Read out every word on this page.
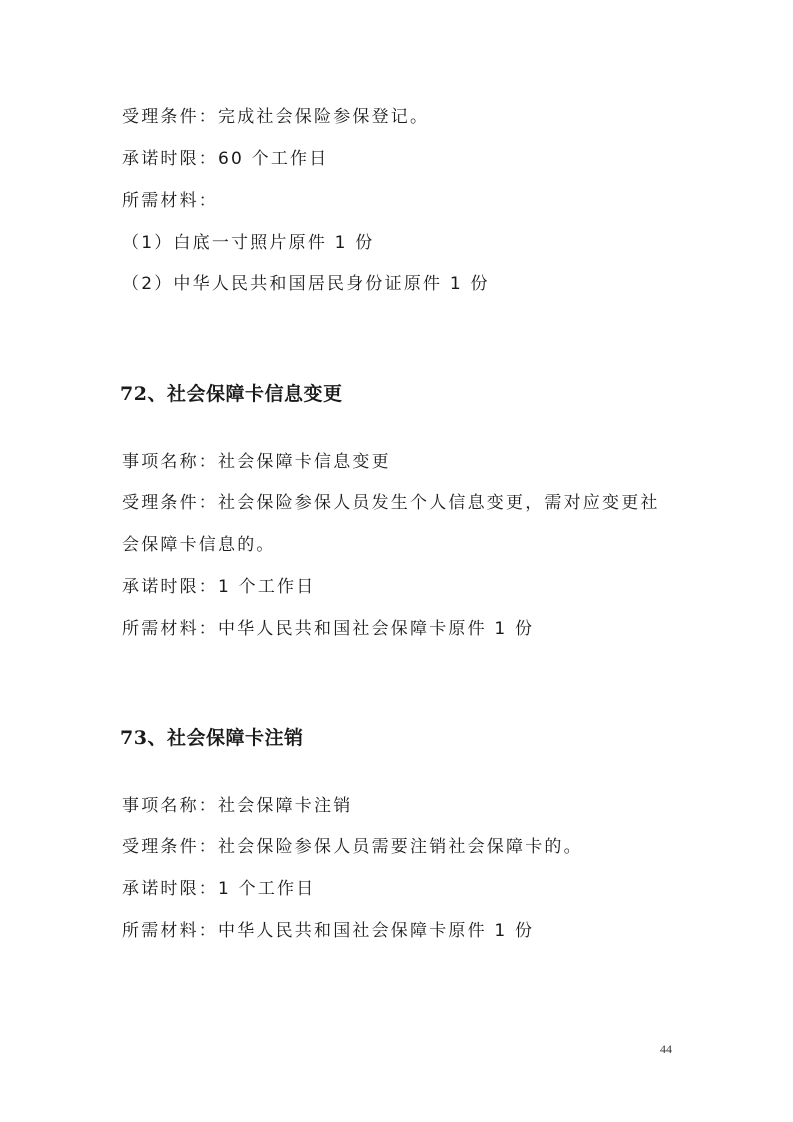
受理条件：完成社会保险参保登记。
承诺时限：60 个工作日
所需材料：
（1）白底一寸照片原件 1 份
（2）中华人民共和国居民身份证原件 1 份
72、社会保障卡信息变更
事项名称：社会保障卡信息变更
受理条件：社会保险参保人员发生个人信息变更，需对应变更社
会保障卡信息的。
承诺时限：1 个工作日
所需材料：中华人民共和国社会保障卡原件 1 份
73、社会保障卡注销
事项名称：社会保障卡注销
受理条件：社会保险参保人员需要注销社会保障卡的。
承诺时限：1 个工作日
所需材料：中华人民共和国社会保障卡原件 1 份
44
